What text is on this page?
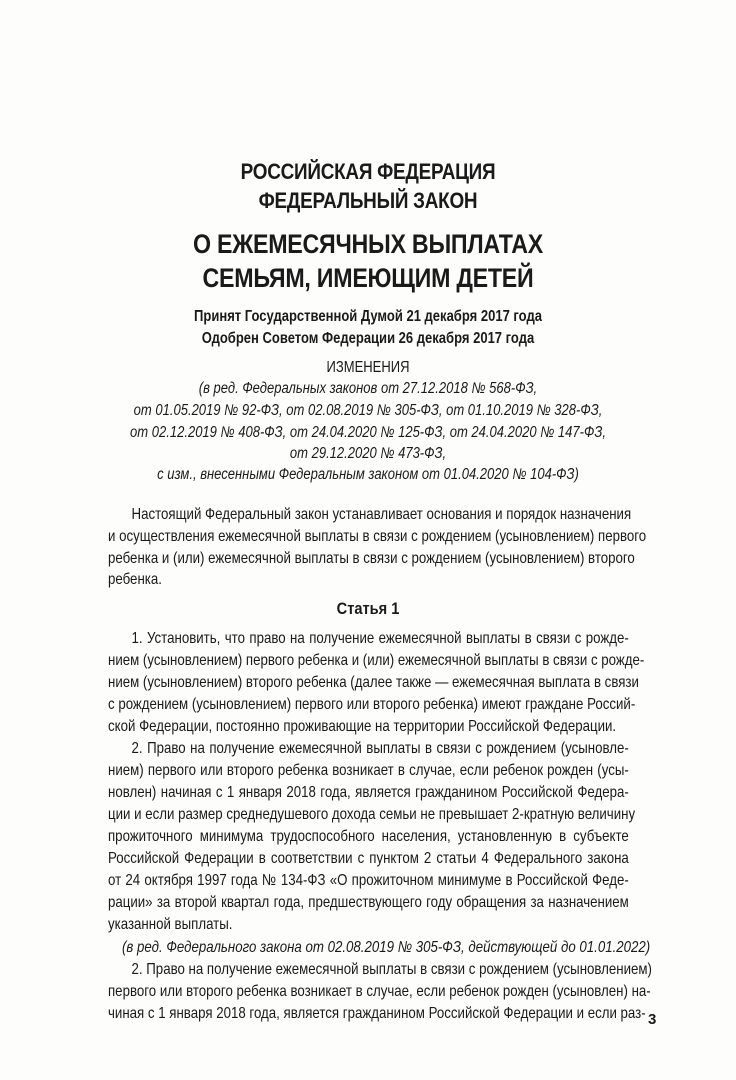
РОССИЙСКАЯ ФЕДЕРАЦИЯ
ФЕДЕРАЛЬНЫЙ ЗАКОН
О ЕЖЕМЕСЯЧНЫХ ВЫПЛАТАХ
СЕМЬЯМ, ИМЕЮЩИМ ДЕТЕЙ
Принят Государственной Думой 21 декабря 2017 года
Одобрен Советом Федерации 26 декабря 2017 года
ИЗМЕНЕНИЯ
(в ред. Федеральных законов от 27.12.2018 № 568-ФЗ,
от 01.05.2019 № 92-ФЗ, от 02.08.2019 № 305-ФЗ, от 01.10.2019 № 328-ФЗ,
от 02.12.2019 № 408-ФЗ, от 24.04.2020 № 125-ФЗ, от 24.04.2020 № 147-ФЗ,
от 29.12.2020 № 473-ФЗ,
с изм., внесенными Федеральным законом от 01.04.2020 № 104-ФЗ)
Настоящий Федеральный закон устанавливает основания и порядок назначения
и осуществления ежемесячной выплаты в связи с рождением (усыновлением) первого
ребенка и (или) ежемесячной выплаты в связи с рождением (усыновлением) второго
ребенка.
Статья 1
1. Установить, что право на получение ежемесячной выплаты в связи с рожде-
нием (усыновлением) первого ребенка и (или) ежемесячной выплаты в связи с рожде-
нием (усыновлением) второго ребенка (далее также — ежемесячная выплата в связи
с рождением (усыновлением) первого или второго ребенка) имеют граждане Россий-
ской Федерации, постоянно проживающие на территории Российской Федерации.
2. Право на получение ежемесячной выплаты в связи с рождением (усыновле-
нием) первого или второго ребенка возникает в случае, если ребенок рожден (усы-
новлен) начиная с 1 января 2018 года, является гражданином Российской Федера-
ции и если размер среднедушевого дохода семьи не превышает 2-кратную величину
прожиточного минимума трудоспособного населения, установленную в субъекте
Российской Федерации в соответствии с пунктом 2 статьи 4 Федерального закона
от 24 октября 1997 года № 134-ФЗ «О прожиточном минимуме в Российской Феде-
рации» за второй квартал года, предшествующего году обращения за назначением
указанной выплаты.
(в ред. Федерального закона от 02.08.2019 № 305-ФЗ, действующей до 01.01.2022)
2. Право на получение ежемесячной выплаты в связи с рождением (усыновлением)
первого или второго ребенка возникает в случае, если ребенок рожден (усыновлен) на-
чиная с 1 января 2018 года, является гражданином Российской Федерации и если раз- 3
